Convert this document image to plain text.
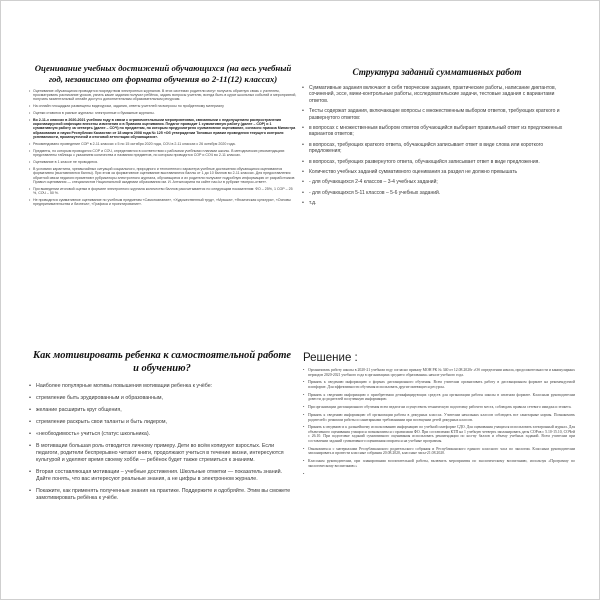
Оценивание учебных достижений обучающихся (на весь учебный год, независимо от формата обучения во 2-11(12) классах)
• Оценивание обучающихся проводится посредством электронных журналов. В этих системах родители могут получать обратную связь с учителем, просматривать расписание уроков, узнать какие задания получил ребёнок, задать вопросы учителю, всегда быть в курсе школьных событий и мероприятий, получать моментальный онлайн доступ к дополнительным образовательным ресурсам.
• На онлайн площадках размещены видеоуроки, задания, ответы учителей на вопросы по пройденному материалу
• Оценки ставятся в разные журналы: электронные и бумажные журналы.
• Во 2-11-х классах в 2020-2021 учебном году в связи с ограничительными мероприятиями, связанными с недопущением распространения коронавирусной инфекции внесены изменения и в Правила оценивания. Педагог проводит 1 суммативную работу (далее – СОР) и 1 суммативную работу за четверть (далее – СОЧ) по предметам, по которым предусмотрено суммативное оценивание, согласно приказа Министра образования и науки Республики Казахстан от 18 марта 2008 года № 125 «Об утверждении Типовых правил проведения текущего контроля успеваемости, промежуточной и итоговой аттестации обучающихся».
• Рекомендовано проведение СОР в 2-11 классах с 5 по 15 октября 2020 года, СОЧ в 2-11 классах с 26 октября 2020 года.
• Предметы, по которым проводятся СОР и СОЧ, определяются в соответствии с рабочими учебными планами школы. В методических рекомендациях представлены таблицы с указанием количества и названия предметов, по которым проводятся СОР и СОЧ во 2-11 классах.
• Оценивание в 1 классе не проводится.
• В условиях карантина, чрезвычайных ситуаций социального, природного и техногенного характера учебные достижения обучающихся оцениваются формативно (выставляются баллы). При этом за формативное оценивание выставляются баллы от 1 до 10 баллов во 2-11 классах. Для предоставления обратной связи педагоги применяют рубрикаторы электронного журнала, обучающиеся и их родители получают подробную информацию от разработчиков Правил оценивания — специалистов Национальной академии образования им. И. Алтынсарина на сайте nao.kz в рубрике «вопрос-ответ».
• При выведении итоговой оценки в формате электронного журнала количество баллов рассчитывается по следующим показателям: ФО – 25%, 1 СОР – 25 %, СОЧ – 50 %.
• Не проводится суммативное оценивание по учебным предметам «Самопознание», «Художественный труд», «Музыка», «Физическая культура», «Основы предпринимательства и бизнеса», «Графика и проектирование».
Структура заданий суммативных работ
•	Суммативные задания включают в себя творческие задания, практические работы, написание диктантов, сочинений, эссе, мини-контрольные работы, исследовательские задачи, тестовые задания с вариантами ответов.
•	Тесты содержат задания, включающие вопросы с множественным выбором ответов, требующих краткого и развернутого ответов:
•	в вопросах с множественным выбором ответов обучающийся выбирает правильный ответ из предложенных вариантов ответов;
•	в вопросах, требующих краткого ответа, обучающийся записывает ответ в виде слова или короткого предложения;
•	в вопросах, требующих развернутого ответа, обучающийся записывает ответ в виде предложения.
•	Количество учебных заданий суммативного оценивания за раздел не должно превышать
•	- для обучающихся 2-4 классов – 3-4 учебных заданий;
•	- для обучающихся 5-11 классов – 5-6 учебных заданий.
•	т.д.
Как мотивировать ребенка к самостоятельной работе и обучению?
• Наиболее популярные мотивы повышения мотивации ребенка к учёбе:
• стремление быть эрудированным и образованным,
• желание расширить круг общения,
• стремление раскрыть свои таланты и быть лидером,
• «необходимость» учиться (статус школьника).
• В мотивации большая роль отводится личному примеру. Дети во всём копируют взрослых. Если педагоги, родители беспрерывно читают книги, продолжают учиться в течение жизни, интересуются культурой и уделяют время своему хобби — ребёнок будет также стремиться к знаниям.
• Вторая составляющая мотивации – учебные достижения. Школьные отметки — показатель знаний. Дайте понять, что вас интересуют реальные знания, а не цифры в электронном журнале.
• Покажите, как применять полученные знания на практике. Поддержите и одобряйте. Этим вы сможете замотивировать ребёнка к учёбе.
Решение :
• Организовать работу школы в 2020-21 учебном году согласно приказу МОН РК № 340 от 12.08.2020г «Об определении начала, продолжительности и каникулярных периодов 2020-2021 учебного года в организациях среднего образования» начале учебного года.
• Принять к сведению информацию о формах дистанционного обучения. Всем учителям организовать работу в дистанционном формате на рекомендуемой платформе. Для эффективности обучения использовать другие имеющиеся ресурсы.
• Принять к сведению информацию о приобретении дезинфицирующих средств для организации работы школы в штатном формате. Классным руководителям довести до родителей полученную информацию.
• При организации дистанционного обучения всем педагогам осуществить техническую подготовку рабочего места, соблюдать правила сетевого имиджа и этикета.
• Принять к сведению информацию об организации работы в дежурных классах. Учителям начальных классов соблюдать все санитарные нормы. Познакомить родителей с режимом работы и санитарными требованиями при посещении детей дежурных классов.
• Принять к сведению и к дальнейшему использованию информацию по учебной платформе СДО. Для оценивания учащихся использовать электронный журнал. Для объективного оценивания учащихся познакомиться с правилами ФО. При составлении КТП на 1 учебную четверть запланировать даты СОРов с 5.10-15.10, СОЧей с 26.10. При подготовке заданий суммативного оценивания использовать рекомендации по кол-ву баллов и объему учебных заданий. Всем учителям при составлении заданий суммативного оценивания опираться на учебные программы.
• Ознакомиться с материалами Республиканского родительского собрания и Республиканского единого классного часа по экологии. Классным руководителям запланировать и провести классные собрания 20.08.2020, классные часы-21.08.2020.
• Классным руководителям, при планировании воспитательной работы, включить мероприятия по экологическому воспитанию, используя «Программу по экологическому воспитанию.»
•
